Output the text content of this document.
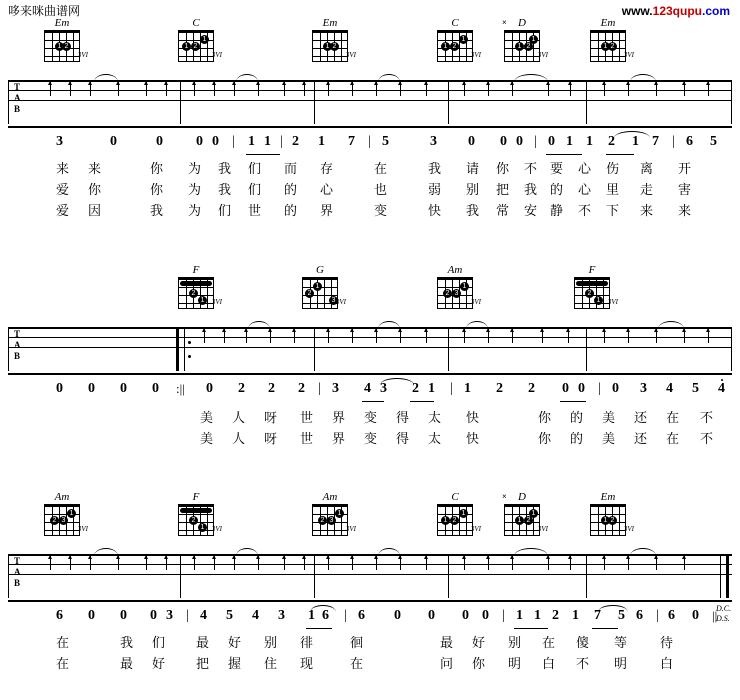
哆来咪曲谱网	www.123qupu.com
Em
1 2
3VI
C
1 2
1
3VI
Em
1 2
3VI
C
1 2
1
3VI
D
×
1 2
1
3VI
Em
1 2
3VI
T
A
B
3	0	0 0 0 | 1 1 | 2 1 7 | 5	3 0 0 0 | 0 1 1 2 1 7 | 6 5
来 来	你 为 我 们 而 存	在	我 请 你 不 要 心 伤 离 开
爱 你	你 为 我 们 的 心	也	弱 别 把 我 的 心 里 走 害
爱 因	我 为 们 世 的 界	变	快 我 常 安 静 不 下 来 来
F
2
1	3VI
G
2
1
3 3VI
Am
2 3
1
3VI
F
2
1	3VI
T
A
B
0 0 0 0 :|| 0 2 2 2 | 3 4 3 2 1 | 1 2 2 0 0 | 0 3 4 5 4
美 人 呀 世 界 变 得 太 快	你 的 美 还 在 不
美 人 呀 世 界 变 得 太 快	你 的 美 还 在 不
Am
2 3
1
3VI
F
2
1	3VI
Am
2 3
1
3VI
C
1 2
1
3VI
D
×
1 2
1
3VI
Em
1 2
3VI
T
A
B
6 0 0 0 3 | 4 5 4 3 1 6 | 6 0 0 0 0 | 1 1 2 1 7 5 6 | 6 0 ||
D.C.
D.S.
在	我 们 最 好 别 徘	徊	最 好 别 在 傻 等	待
在	最 好 把 握 住 现	在	问 你 明 白 不 明	白
